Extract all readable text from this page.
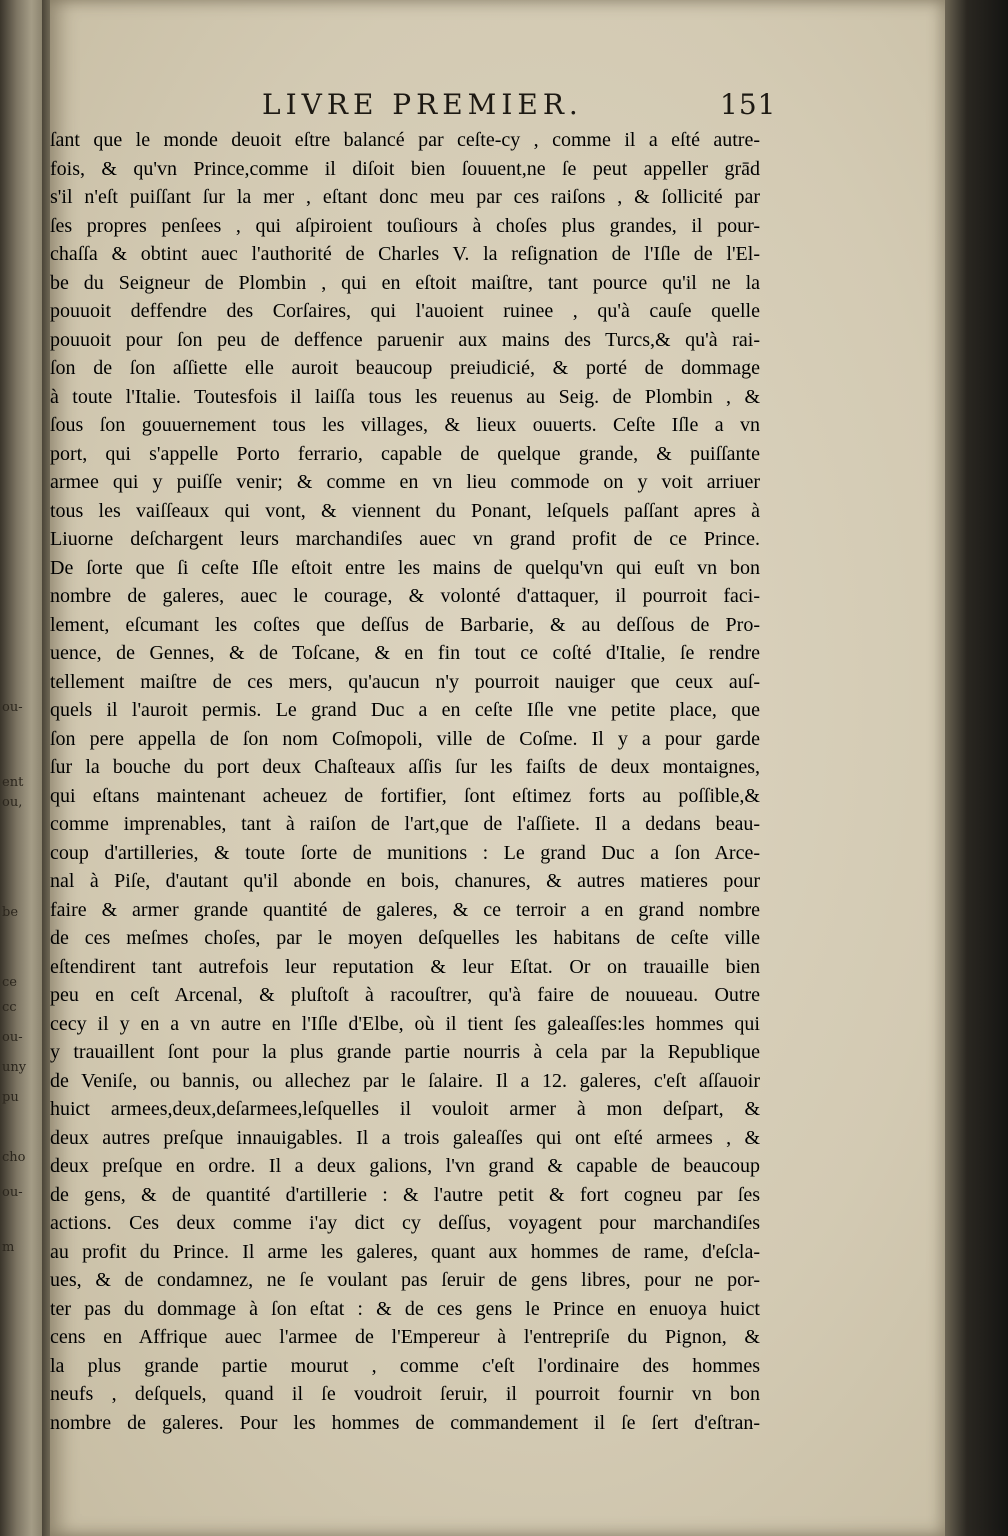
ou-
ent
ou,
be
ce
cc
ou-
uny
pu
cho
ou-
m
LIVRE PREMIER.	151
ſant que le monde deuoit eſtre balancé par ceſte-cy , comme il a eſté autre-
fois, & qu'vn Prince,comme il diſoit bien ſouuent,ne ſe peut appeller grād
s'il n'eſt puiſſant ſur la mer , eſtant donc meu par ces raiſons , & ſollicité par
ſes propres penſees , qui aſpiroient touſiours à choſes plus grandes, il pour-
chaſſa & obtint auec l'authorité de Charles V. la reſignation de l'Iſle de l'El-
be du Seigneur de Plombin , qui en eſtoit maiſtre, tant pource qu'il ne la
pouuoit deffendre des Corſaires, qui l'auoient ruinee , qu'à cauſe quelle
pouuoit pour ſon peu de deffence paruenir aux mains des Turcs,& qu'à rai-
ſon de ſon aſſiette elle auroit beaucoup preiudicié, & porté de dommage
à toute l'Italie. Toutesfois il laiſſa tous les reuenus au Seig. de Plombin , &
ſous ſon gouuernement tous les villages, & lieux ouuerts. Ceſte Iſle a vn
port, qui s'appelle Porto ferrario, capable de quelque grande, & puiſſante
armee qui y puiſſe venir; & comme en vn lieu commode on y voit arriuer
tous les vaiſſeaux qui vont, & viennent du Ponant, leſquels paſſant apres à
Liuorne deſchargent leurs marchandiſes auec vn grand profit de ce Prince.
De ſorte que ſi ceſte Iſle eſtoit entre les mains de quelqu'vn qui euſt vn bon
nombre de galeres, auec le courage, & volonté d'attaquer, il pourroit faci-
lement, eſcumant les coſtes que deſſus de Barbarie, & au deſſous de Pro-
uence, de Gennes, & de Toſcane, & en fin tout ce coſté d'Italie, ſe rendre
tellement maiſtre de ces mers, qu'aucun n'y pourroit nauiger que ceux auſ-
quels il l'auroit permis. Le grand Duc a en ceſte Iſle vne petite place, que
ſon pere appella de ſon nom Coſmopoli, ville de Coſme. Il y a pour garde
ſur la bouche du port deux Chaſteaux aſſis ſur les faiſts de deux montaignes,
qui eſtans maintenant acheuez de fortifier, ſont eſtimez forts au poſſible,&
comme imprenables, tant à raiſon de l'art,que de l'aſſiete. Il a dedans beau-
coup d'artilleries, & toute ſorte de munitions : Le grand Duc a ſon Arce-
nal à Piſe, d'autant qu'il abonde en bois, chanures, & autres matieres pour
faire & armer grande quantité de galeres, & ce terroir a en grand nombre
de ces meſmes choſes, par le moyen deſquelles les habitans de ceſte ville
eſtendirent tant autrefois leur reputation & leur Eſtat. Or on trauaille bien
peu en ceſt Arcenal, & pluſtoſt à racouſtrer, qu'à faire de nouueau. Outre
cecy il y en a vn autre en l'Iſle d'Elbe, où il tient ſes galeaſſes:les hommes qui
y trauaillent ſont pour la plus grande partie nourris à cela par la Republique
de Veniſe, ou bannis, ou allechez par le ſalaire. Il a 12. galeres, c'eſt aſſauoir
huict armees,deux,deſarmees,leſquelles il vouloit armer à mon deſpart, &
deux autres preſque innauigables. Il a trois galeaſſes qui ont eſté armees , &
deux preſque en ordre. Il a deux galions, l'vn grand & capable de beaucoup
de gens, & de quantité d'artillerie : & l'autre petit & fort cogneu par ſes
actions. Ces deux comme i'ay dict cy deſſus, voyagent pour marchandiſes
au profit du Prince. Il arme les galeres, quant aux hommes de rame, d'eſcla-
ues, & de condamnez, ne ſe voulant pas ſeruir de gens libres, pour ne por-
ter pas du dommage à ſon eſtat : & de ces gens le Prince en enuoya huict
cens en Affrique auec l'armee de l'Empereur à l'entrepriſe du Pignon, &
la plus grande partie mourut , comme c'eſt l'ordinaire des hommes
neufs , deſquels, quand il ſe voudroit ſeruir, il pourroit fournir vn bon
nombre de galeres. Pour les hommes de commandement il ſe ſert d'eſtran-
